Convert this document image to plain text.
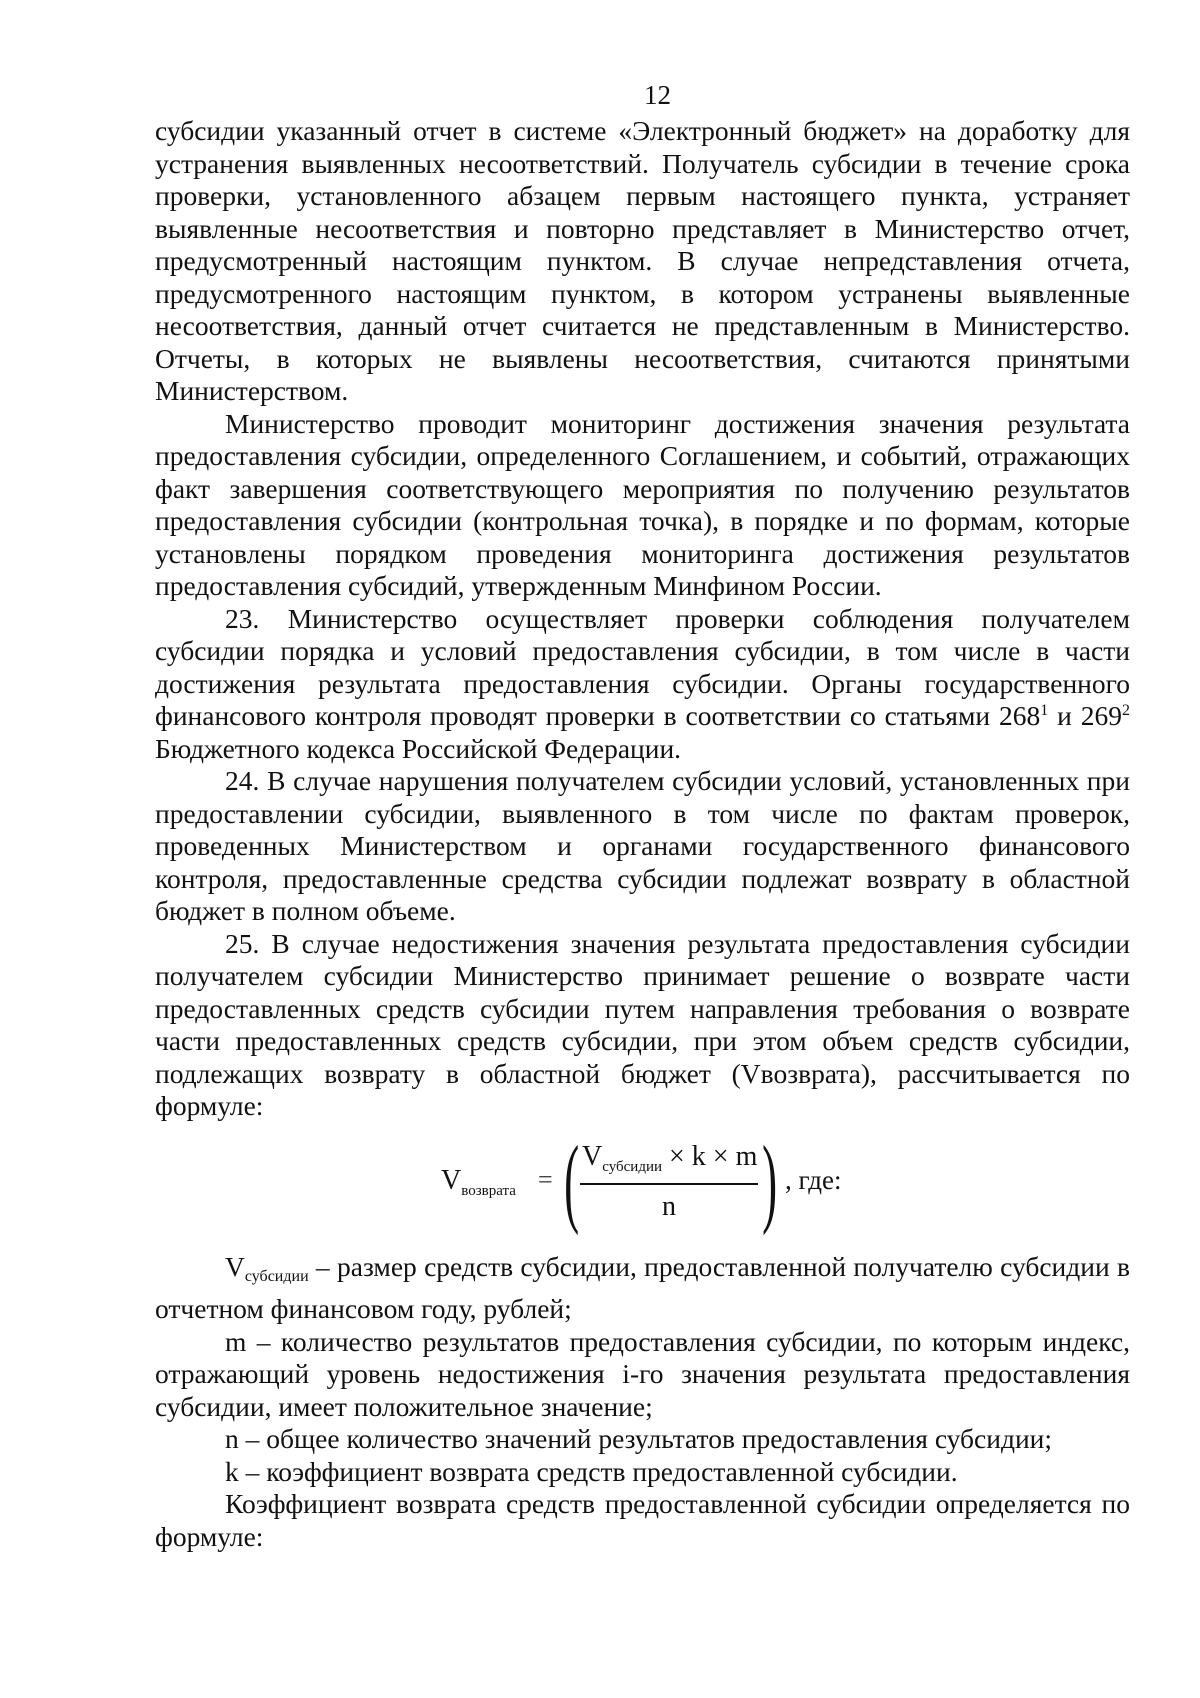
12

субсидии указанный отчет в системе «Электронный бюджет» на доработку для устранения выявленных несоответствий. Получатель субсидии в течение срока проверки, установленного абзацем первым настоящего пункта, устраняет выявленные несоответствия и повторно представляет в Министерство отчет, предусмотренный настоящим пунктом. В случае непредставления отчета, предусмотренного настоящим пунктом, в котором устранены выявленные несоответствия, данный отчет считается не представленным в Министерство. Отчеты, в которых не выявлены несоответствия, считаются принятыми Министерством.

Министерство проводит мониторинг достижения значения результата предоставления субсидии, определенного Соглашением, и событий, отражающих факт завершения соответствующего мероприятия по получению результатов предоставления субсидии (контрольная точка), в порядке и по формам, которые установлены порядком проведения мониторинга достижения результатов предоставления субсидий, утвержденным Минфином России.

23. Министерство осуществляет проверки соблюдения получателем субсидии порядка и условий предоставления субсидии, в том числе в части достижения результата предоставления субсидии. Органы государственного финансового контроля проводят проверки в соответствии со статьями $268^1$ и $269^2$ Бюджетного кодекса Российской Федерации.

24. В случае нарушения получателем субсидии условий, установленных при предоставлении субсидии, выявленного в том числе по фактам проверок, проведенных Министерством и органами государственного финансового контроля, предоставленные средства субсидии подлежат возврату в областной бюджет в полном объеме.

25. В случае недостижения значения результата предоставления субсидии получателем субсидии Министерство принимает решение о возврате части предоставленных средств субсидии путем направления требования о возврате части предоставленных средств субсидии, при этом объем средств субсидии, подлежащих возврату в областной бюджет (Vвозврата), рассчитывается по формуле:

$V_{возврата}$ = ( $V_{субсидии} \times k \times m$
n ) , где:

$V_{субсидии}$ – размер средств субсидии, предоставленной получателю субсидии в отчетном финансовом году, рублей;

m – количество результатов предоставления субсидии, по которым индекс, отражающий уровень недостижения i-го значения результата предоставления субсидии, имеет положительное значение;

n – общее количество значений результатов предоставления субсидии;

k – коэффициент возврата средств предоставленной субсидии.

Коэффициент возврата средств предоставленной субсидии определяется по формуле:
